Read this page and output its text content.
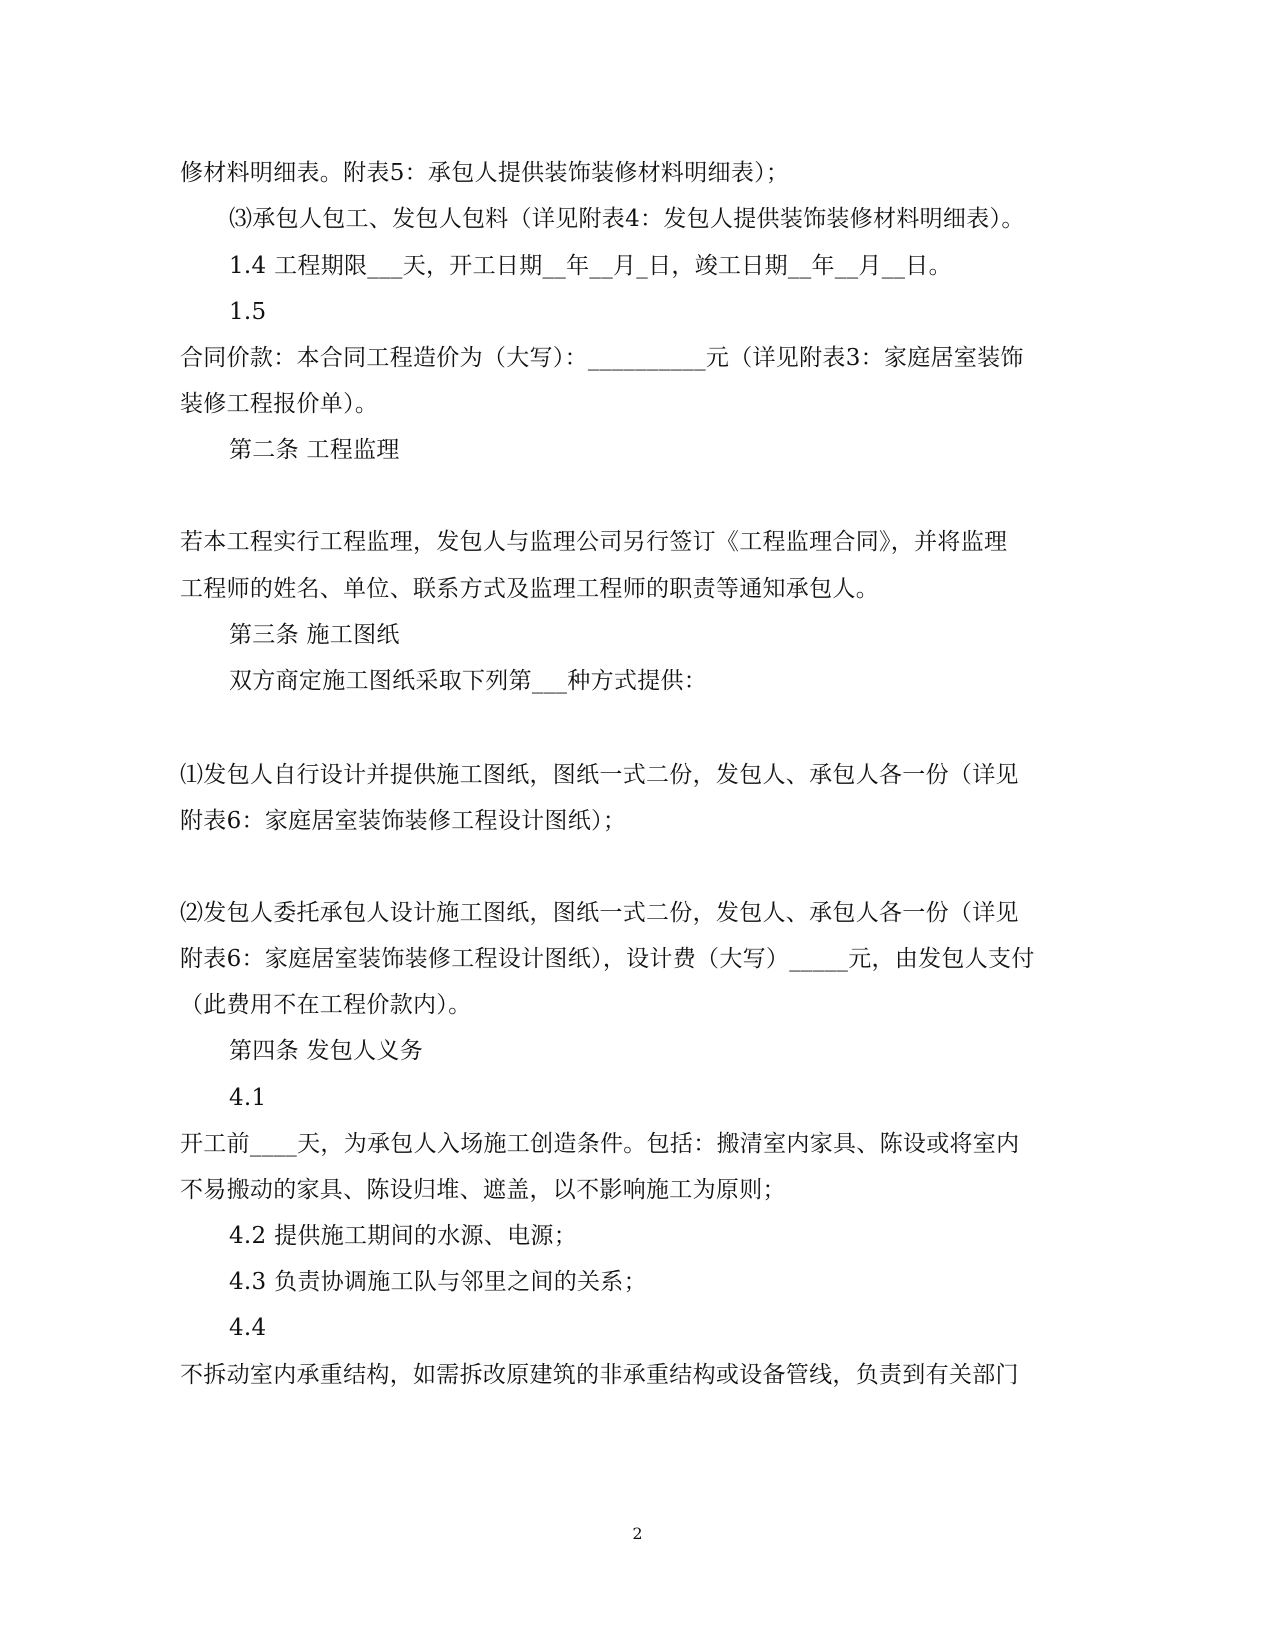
修材料明细表。附表5：承包人提供装饰装修材料明细表）；
⑶承包人包工、发包人包料（详见附表4：发包人提供装饰装修材料明细表）。
1.4 工程期限___天，开工日期__年__月_日，竣工日期__年__月__日。
1.5
合同价款：本合同工程造价为（大写）：__________元（详见附表3：家庭居室装饰
装修工程报价单）。
第二条 工程监理
若本工程实行工程监理，发包人与监理公司另行签订《工程监理合同》，并将监理
工程师的姓名、单位、联系方式及监理工程师的职责等通知承包人。
第三条 施工图纸
双方商定施工图纸采取下列第___种方式提供：
⑴发包人自行设计并提供施工图纸，图纸一式二份，发包人、承包人各一份（详见
附表6：家庭居室装饰装修工程设计图纸）；
⑵发包人委托承包人设计施工图纸，图纸一式二份，发包人、承包人各一份（详见
附表6：家庭居室装饰装修工程设计图纸），设计费（大写）_____元，由发包人支付
（此费用不在工程价款内）。
第四条 发包人义务
4.1
开工前____天，为承包人入场施工创造条件。包括：搬清室内家具、陈设或将室内
不易搬动的家具、陈设归堆、遮盖，以不影响施工为原则；
4.2 提供施工期间的水源、电源；
4.3 负责协调施工队与邻里之间的关系；
4.4
不拆动室内承重结构，如需拆改原建筑的非承重结构或设备管线，负责到有关部门
2
